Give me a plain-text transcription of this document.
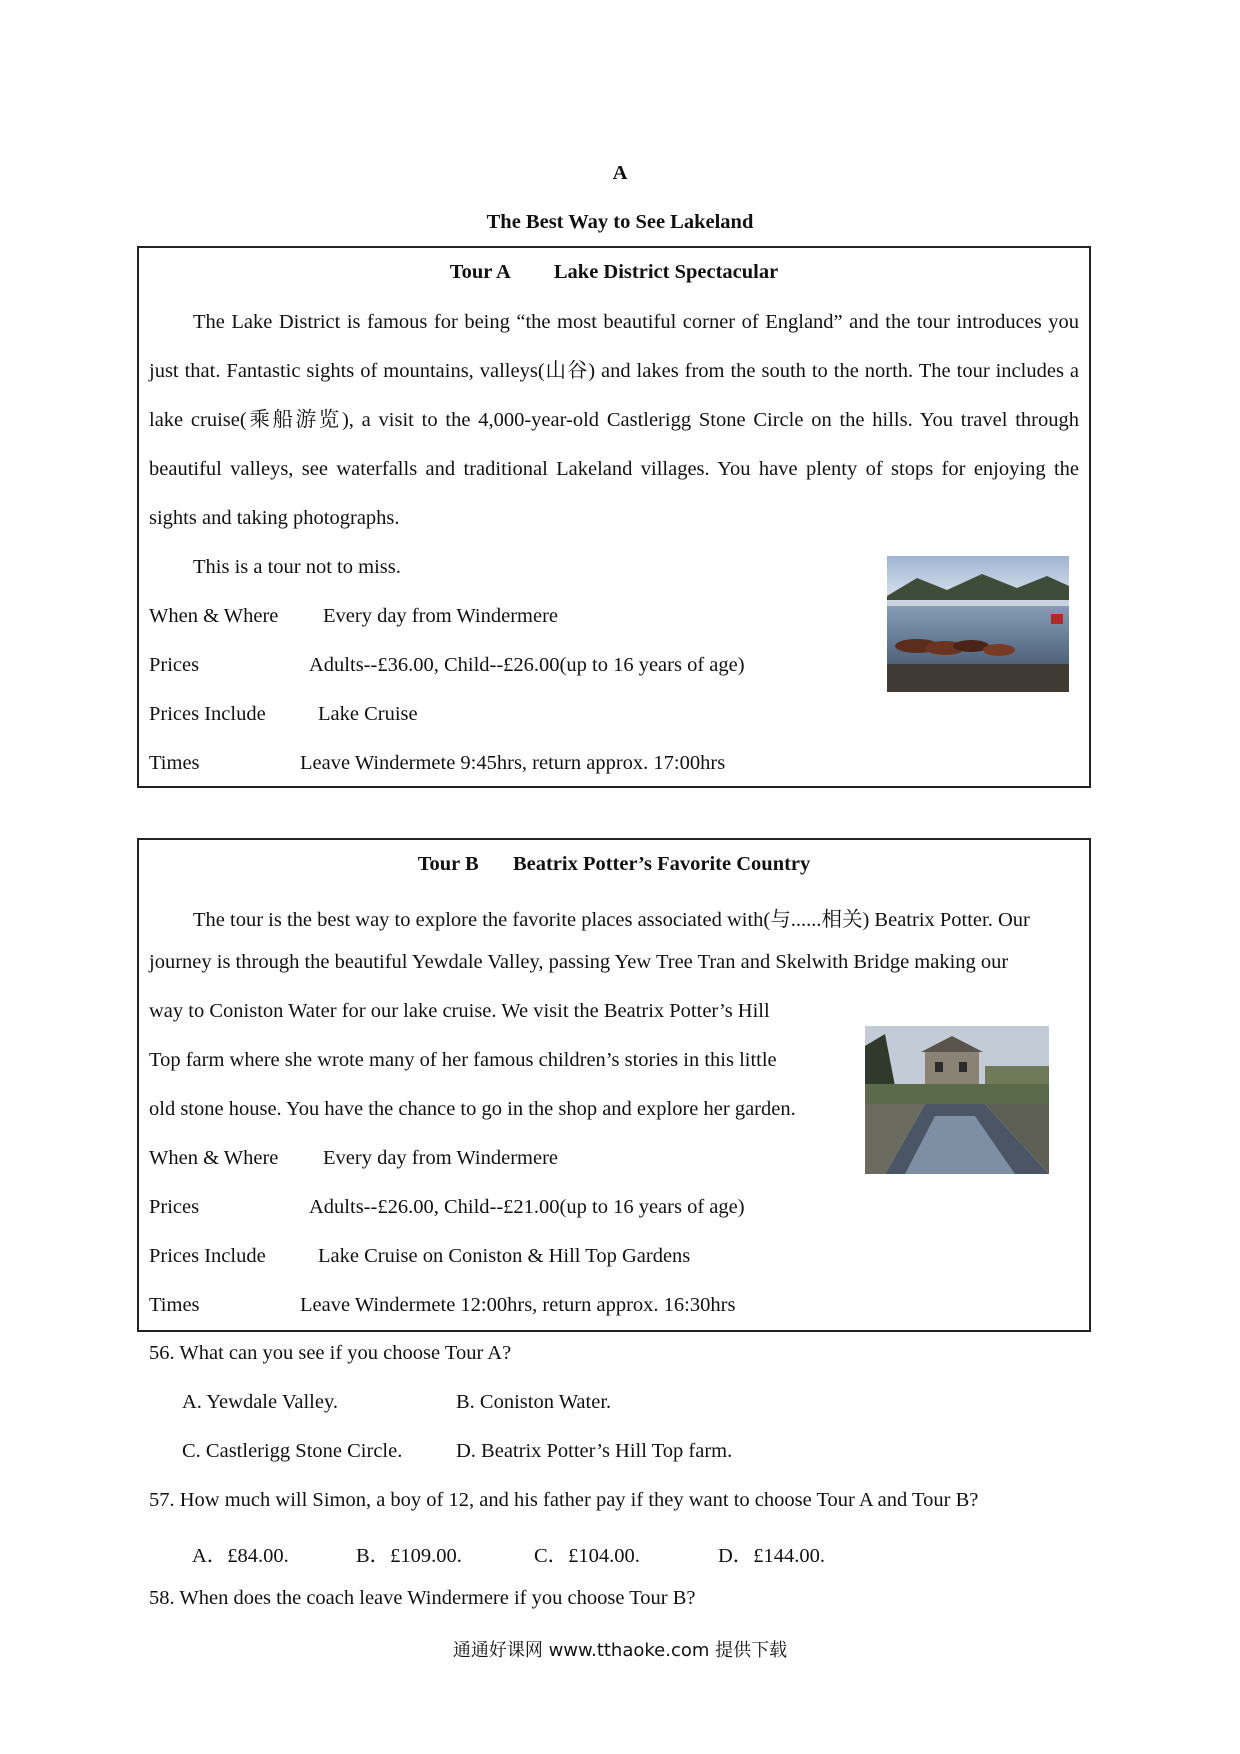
A
The Best Way to See Lakeland
Tour A Lake District Spectacular
The Lake District is famous for being “the most beautiful corner of England” and the tour introduces you just that. Fantastic sights of mountains, valleys(山谷) and lakes from the south to the north. The tour includes a lake cruise(乘船游览), a visit to the 4,000-year-old Castlerigg Stone Circle on the hills. You travel through beautiful valleys, see waterfalls and traditional Lakeland villages. You have plenty of stops for enjoying the sights and taking photographs.
This is a tour not to miss.
When & Where Every day from Windermere
Prices	Adults--£36.00, Child--£26.00(up to 16 years of age)
Prices Include	Lake Cruise
Times	Leave Windermete 9:45hrs, return approx. 17:00hrs
Tour B Beatrix Potter’s Favorite Country
The tour is the best way to explore the favorite places associated with(与......相关) Beatrix Potter. Our
journey is through the beautiful Yewdale Valley, passing Yew Tree Tran and Skelwith Bridge making our
way to Coniston Water for our lake cruise. We visit the Beatrix Potter’s Hill
Top farm where she wrote many of her famous children’s stories in this little
old stone house. You have the chance to go in the shop and explore her garden.
When & Where Every day from Windermere
Prices	Adults--£26.00, Child--£21.00(up to 16 years of age)
Prices Include	Lake Cruise on Coniston & Hill Top Gardens
Times	Leave Windermete 12:00hrs, return approx. 16:30hrs
56. What can you see if you choose Tour A?
A. Yewdale Valley.	B. Coniston Water.
C. Castlerigg Stone Circle.	D. Beatrix Potter’s Hill Top farm.
57. How much will Simon, a boy of 12, and his father pay if they want to choose Tour A and Tour B?
A．£84.00.	B．£109.00.	C．£104.00.	D．£144.00.
58. When does the coach leave Windermere if you choose Tour B?
通通好课网 www.tthaoke.com 提供下载
